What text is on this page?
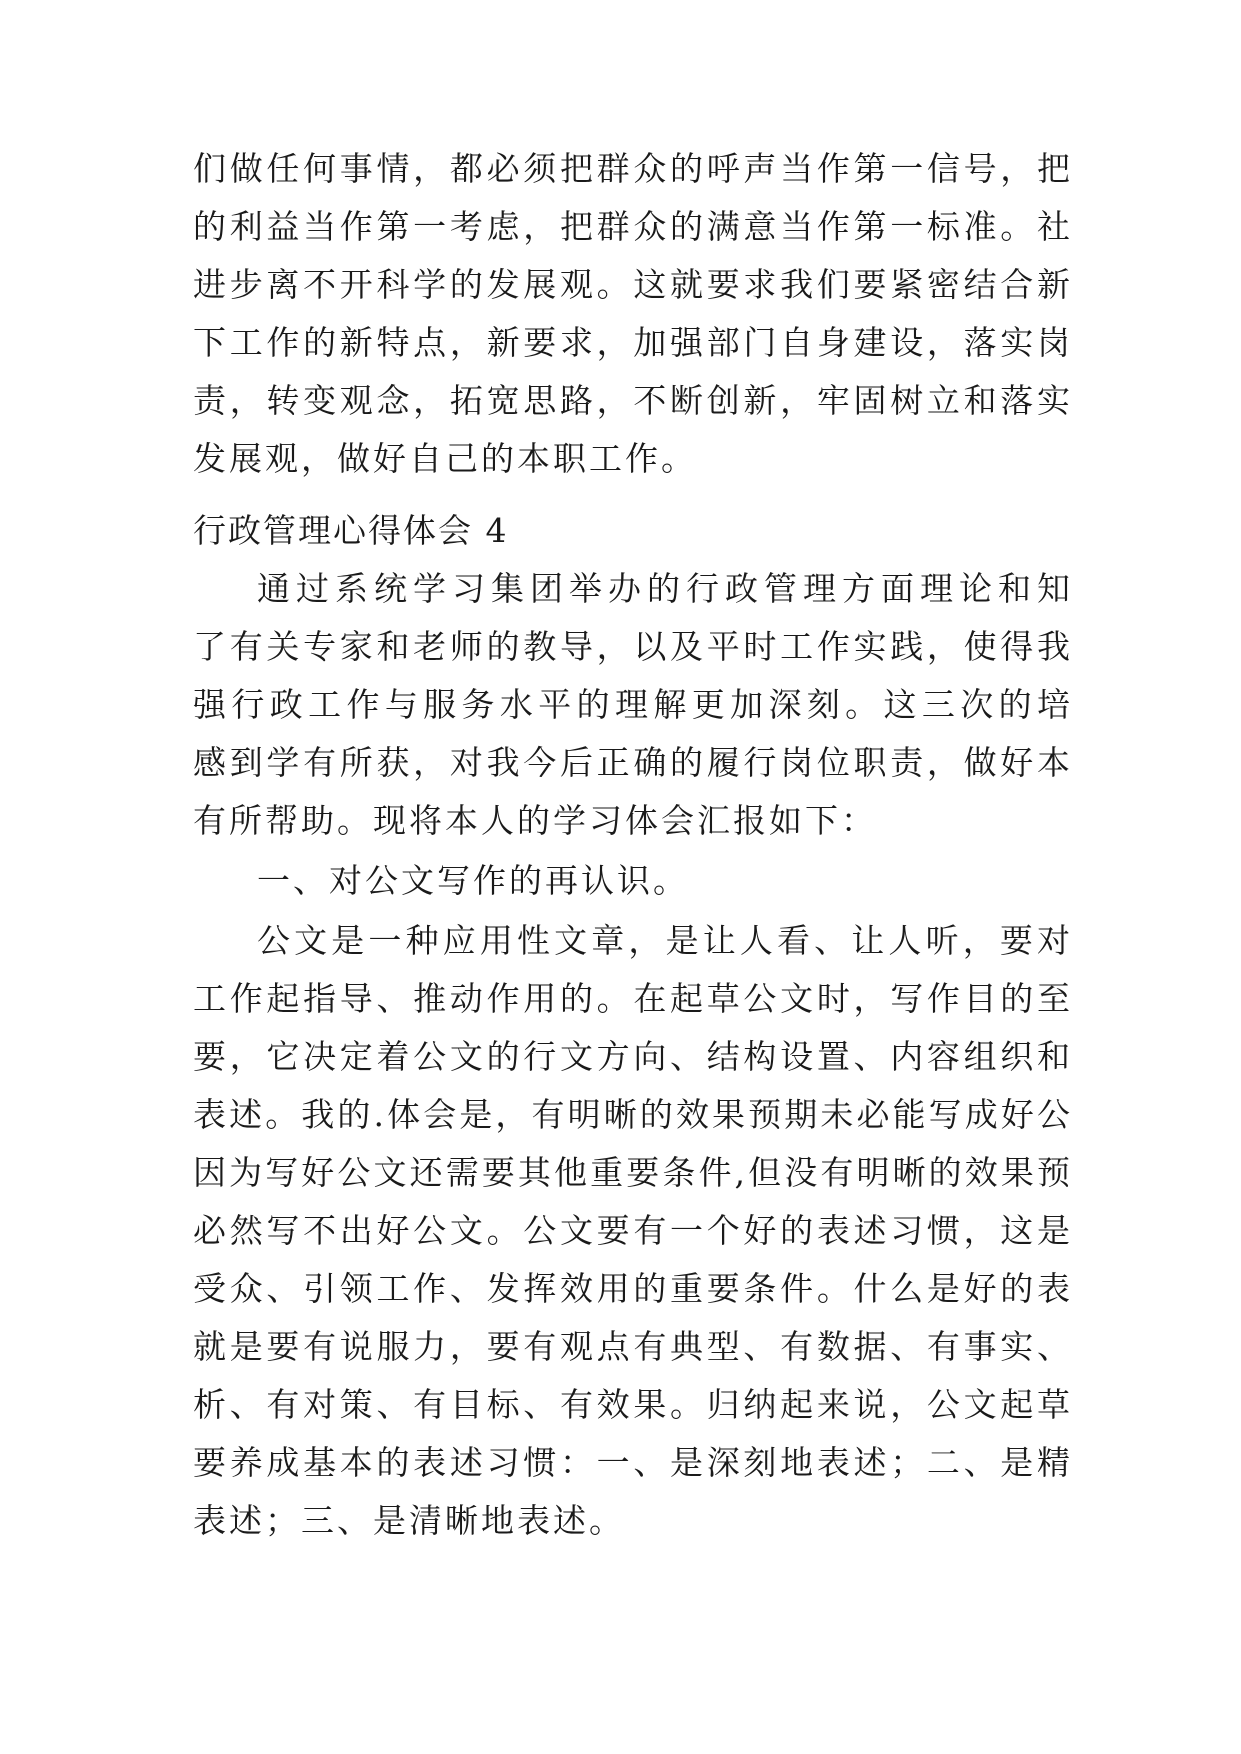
们做任何事情，都必须把群众的呼声当作第一信号，把
的利益当作第一考虑，把群众的满意当作第一标准。社
进步离不开科学的发展观。这就要求我们要紧密结合新
下工作的新特点，新要求，加强部门自身建设，落实岗
责，转变观念，拓宽思路，不断创新，牢固树立和落实
发展观，做好自己的本职工作。
行政管理心得体会 4
通过系统学习集团举办的行政管理方面理论和知
了有关专家和老师的教导，以及平时工作实践，使得我
强行政工作与服务水平的理解更加深刻。这三次的培
感到学有所获，对我今后正确的履行岗位职责，做好本
有所帮助。现将本人的学习体会汇报如下：
一、对公文写作的再认识。
公文是一种应用性文章，是让人看、让人听，要对
工作起指导、推动作用的。在起草公文时，写作目的至
要，它决定着公文的行文方向、结构设置、内容组织和
表述。我的.体会是，有明晰的效果预期未必能写成好公
因为写好公文还需要其他重要条件,但没有明晰的效果预
必然写不出好公文。公文要有一个好的表述习惯，这是
受众、引领工作、发挥效用的重要条件。什么是好的表
就是要有说服力，要有观点有典型、有数据、有事实、
析、有对策、有目标、有效果。归纳起来说，公文起草
要养成基本的表述习惯：一、是深刻地表述；二、是精
表述；三、是清晰地表述。
